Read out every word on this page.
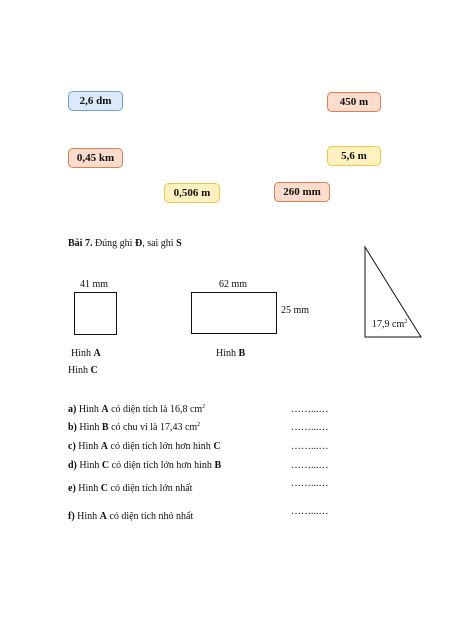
2,6 dm	450 m
0,45 km	5,6 m
0,506 m	260 mm
Bài 7. Đúng ghi Đ, sai ghi S
41 mm	62 mm
25 mm
17,9 $cm^2$
Hình A	Hình B
Hình C
a) Hình A có diện tích là 16,8 $cm^2$	……...…
b) Hình B có chu vi là 17,43 $cm^2$	……...…
c) Hình A có diện tích lớn hơn hình C	……...…
d) Hình C có diện tích lớn hơn hình B	……...…
e) Hình C có diện tích lớn nhất	……...…
f) Hình A có diện tích nhỏ nhất	……...…
